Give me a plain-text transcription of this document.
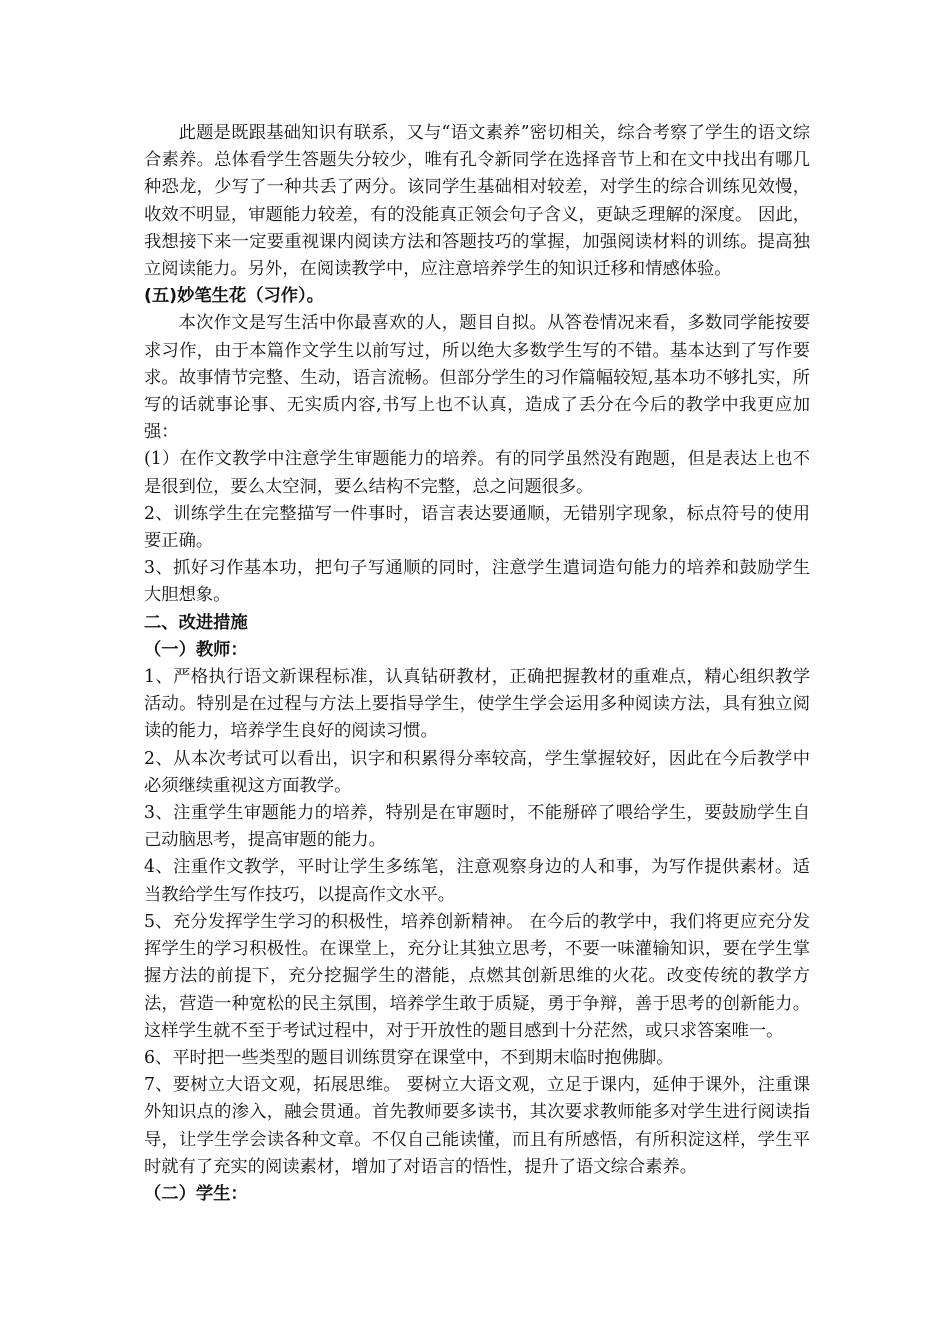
此题是既跟基础知识有联系，又与“语文素养”密切相关，综合考察了学生的语文综合素养。总体看学生答题失分较少，唯有孔令新同学在选择音节上和在文中找出有哪几种恐龙，少写了一种共丢了两分。该同学生基础相对较差，对学生的综合训练见效慢，收效不明显，审题能力较差，有的没能真正领会句子含义，更缺乏理解的深度。 因此，我想接下来一定要重视课内阅读方法和答题技巧的掌握，加强阅读材料的训练。提高独立阅读能力。另外，在阅读教学中，应注意培养学生的知识迁移和情感体验。

(五)妙笔生花（习作）。

本次作文是写生活中你最喜欢的人，题目自拟。从答卷情况来看，多数同学能按要求习作，由于本篇作文学生以前写过，所以绝大多数学生写的不错。基本达到了写作要求。故事情节完整、生动，语言流畅。但部分学生的习作篇幅较短,基本功不够扎实，所写的话就事论事、无实质内容,书写上也不认真，造成了丢分在今后的教学中我更应加强：

(1）在作文教学中注意学生审题能力的培养。有的同学虽然没有跑题，但是表达上也不是很到位，要么太空洞，要么结构不完整，总之问题很多。

2、训练学生在完整描写一件事时，语言表达要通顺，无错别字现象，标点符号的使用要正确。

3、抓好习作基本功，把句子写通顺的同时，注意学生遣词造句能力的培养和鼓励学生大胆想象。

二、改进措施

（一）教师：

1、严格执行语文新课程标准，认真钻研教材，正确把握教材的重难点，精心组织教学活动。特别是在过程与方法上要指导学生，使学生学会运用多种阅读方法，具有独立阅读的能力，培养学生良好的阅读习惯。

2、从本次考试可以看出，识字和积累得分率较高，学生掌握较好，因此在今后教学中必须继续重视这方面教学。

3、注重学生审题能力的培养，特别是在审题时，不能掰碎了喂给学生，要鼓励学生自己动脑思考，提高审题的能力。

4、注重作文教学，平时让学生多练笔，注意观察身边的人和事，为写作提供素材。适当教给学生写作技巧，以提高作文水平。

5、充分发挥学生学习的积极性，培养创新精神。 在今后的教学中，我们将更应充分发挥学生的学习积极性。在课堂上，充分让其独立思考，不要一味灌输知识，要在学生掌握方法的前提下，充分挖掘学生的潜能，点燃其创新思维的火花。改变传统的教学方法，营造一种宽松的民主氛围，培养学生敢于质疑，勇于争辩，善于思考的创新能力。这样学生就不至于考试过程中，对于开放性的题目感到十分茫然，或只求答案唯一。

6、平时把一些类型的题目训练贯穿在课堂中，不到期末临时抱佛脚。

7、要树立大语文观，拓展思维。 要树立大语文观，立足于课内，延伸于课外，注重课外知识点的渗入，融会贯通。首先教师要多读书，其次要求教师能多对学生进行阅读指导，让学生学会读各种文章。不仅自己能读懂，而且有所感悟，有所积淀这样，学生平时就有了充实的阅读素材，增加了对语言的悟性，提升了语文综合素养。

（二）学生：
